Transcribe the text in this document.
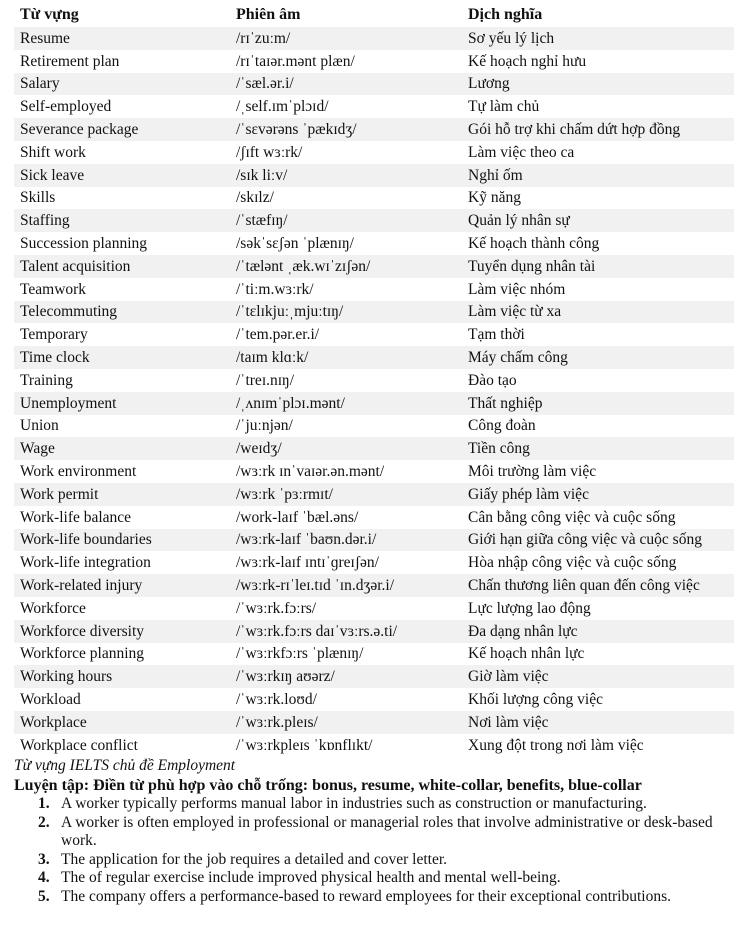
Từ vựng	Phiên âm	Dịch nghĩa
Resume	/rɪˈzuːm/	Sơ yếu lý lịch
Retirement plan	/rɪˈtaɪər.mənt plæn/	Kế hoạch nghỉ hưu
Salary	/ˈsæl.ər.i/	Lương
Self-employed	/ˌself.ɪmˈplɔɪd/	Tự làm chủ
Severance package	/ˈsɛvərəns ˈpækɪdʒ/	Gói hỗ trợ khi chấm dứt hợp đồng
Shift work	/ʃɪft wɜːrk/	Làm việc theo ca
Sick leave	/sɪk liːv/	Nghỉ ốm
Skills	/skɪlz/	Kỹ năng
Staffing	/ˈstæfɪŋ/	Quản lý nhân sự
Succession planning	/səkˈsɛʃən ˈplænɪŋ/	Kế hoạch thành công
Talent acquisition	/ˈtælənt ˌæk.wɪˈzɪʃən/	Tuyển dụng nhân tài
Teamwork	/ˈtiːm.wɜːrk/	Làm việc nhóm
Telecommuting	/ˈtɛlɪkjuːˌmjuːtɪŋ/	Làm việc từ xa
Temporary	/ˈtem.pər.er.i/	Tạm thời
Time clock	/taɪm klɑːk/	Máy chấm công
Training	/ˈtreɪ.nɪŋ/	Đào tạo
Unemployment	/ˌʌnɪmˈplɔɪ.mənt/	Thất nghiệp
Union	/ˈjuːnjən/	Công đoàn
Wage	/weɪdʒ/	Tiền công
Work environment	/wɜːrk ɪnˈvaɪər.ən.mənt/	Môi trường làm việc
Work permit	/wɜːrk ˈpɜːrmɪt/	Giấy phép làm việc
Work-life balance	/work-laɪf ˈbæl.əns/	Cân bằng công việc và cuộc sống
Work-life boundaries	/wɜːrk-laɪf ˈbaʊn.dər.i/	Giới hạn giữa công việc và cuộc sống
Work-life integration	/wɜːrk-laɪf ɪntɪˈɡreɪʃən/	Hòa nhập công việc và cuộc sống
Work-related injury	/wɜːrk-rɪˈleɪ.tɪd ˈɪn.dʒər.i/	Chấn thương liên quan đến công việc
Workforce	/ˈwɜːrk.fɔːrs/	Lực lượng lao động
Workforce diversity	/ˈwɜːrk.fɔːrs daɪˈvɜːrs.ə.ti/	Đa dạng nhân lực
Workforce planning	/ˈwɜːrkfɔːrs ˈplænɪŋ/	Kế hoạch nhân lực
Working hours	/ˈwɜːrkɪŋ aʊərz/	Giờ làm việc
Workload	/ˈwɜːrk.loʊd/	Khối lượng công việc
Workplace	/ˈwɜːrk.pleɪs/	Nơi làm việc
Workplace conflict	/ˈwɜːrkpleɪs ˈkɒnflɪkt/	Xung đột trong nơi làm việc
Từ vựng IELTS chủ đề Employment
Luyện tập: Điền từ phù hợp vào chỗ trống: bonus, resume, white-collar, benefits, blue-collar
1. A worker typically performs manual labor in industries such as construction or manufacturing.
2. A worker is often employed in professional or managerial roles that involve administrative or desk-based work.
3. The application for the job requires a detailed and cover letter.
4. The of regular exercise include improved physical health and mental well-being.
5. The company offers a performance-based to reward employees for their exceptional contributions.
